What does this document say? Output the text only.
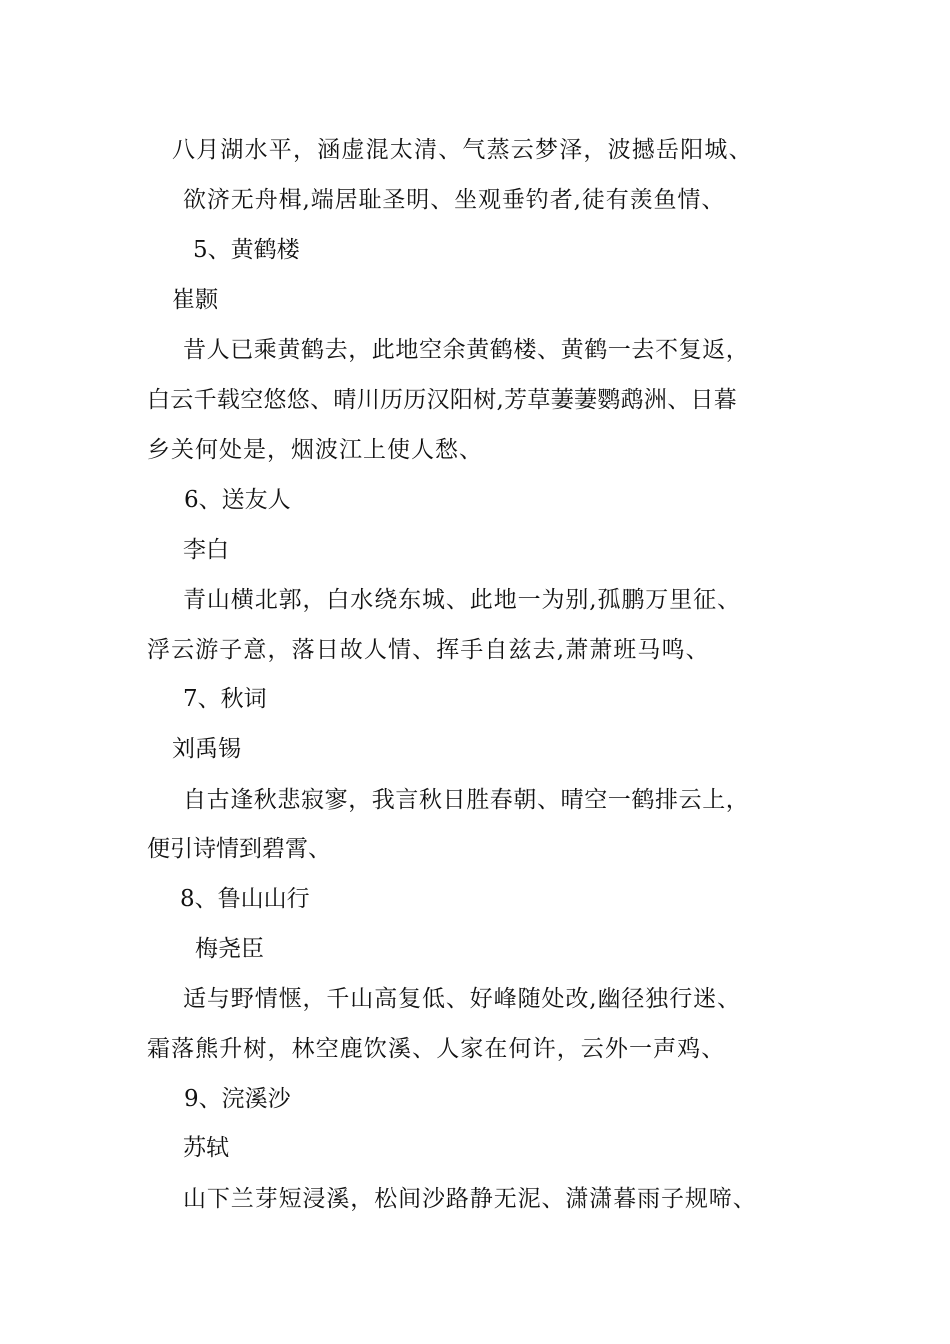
八月湖水平，涵虚混太清、气蒸云梦泽，波撼岳阳城、
欲济无舟楫,端居耻圣明、坐观垂钓者,徒有羡鱼情、
5、黄鹤楼
崔颢
昔人已乘黄鹤去，此地空余黄鹤楼、黄鹤一去不复返，
白云千载空悠悠、晴川历历汉阳树,芳草萋萋鹦鹉洲、日暮
乡关何处是，烟波江上使人愁、
6、送友人
李白
青山横北郭，白水绕东城、此地一为别,孤鹏万里征、
浮云游子意，落日故人情、挥手自兹去,萧萧班马鸣、
7、秋词
刘禹锡
自古逢秋悲寂寥，我言秋日胜春朝、晴空一鹤排云上，
便引诗情到碧霄、
8、鲁山山行
梅尧臣
适与野情惬，千山高复低、好峰随处改,幽径独行迷、
霜落熊升树，林空鹿饮溪、人家在何许，云外一声鸡、
9、浣溪沙
苏轼
山下兰芽短浸溪，松间沙路静无泥、潇潇暮雨子规啼、
